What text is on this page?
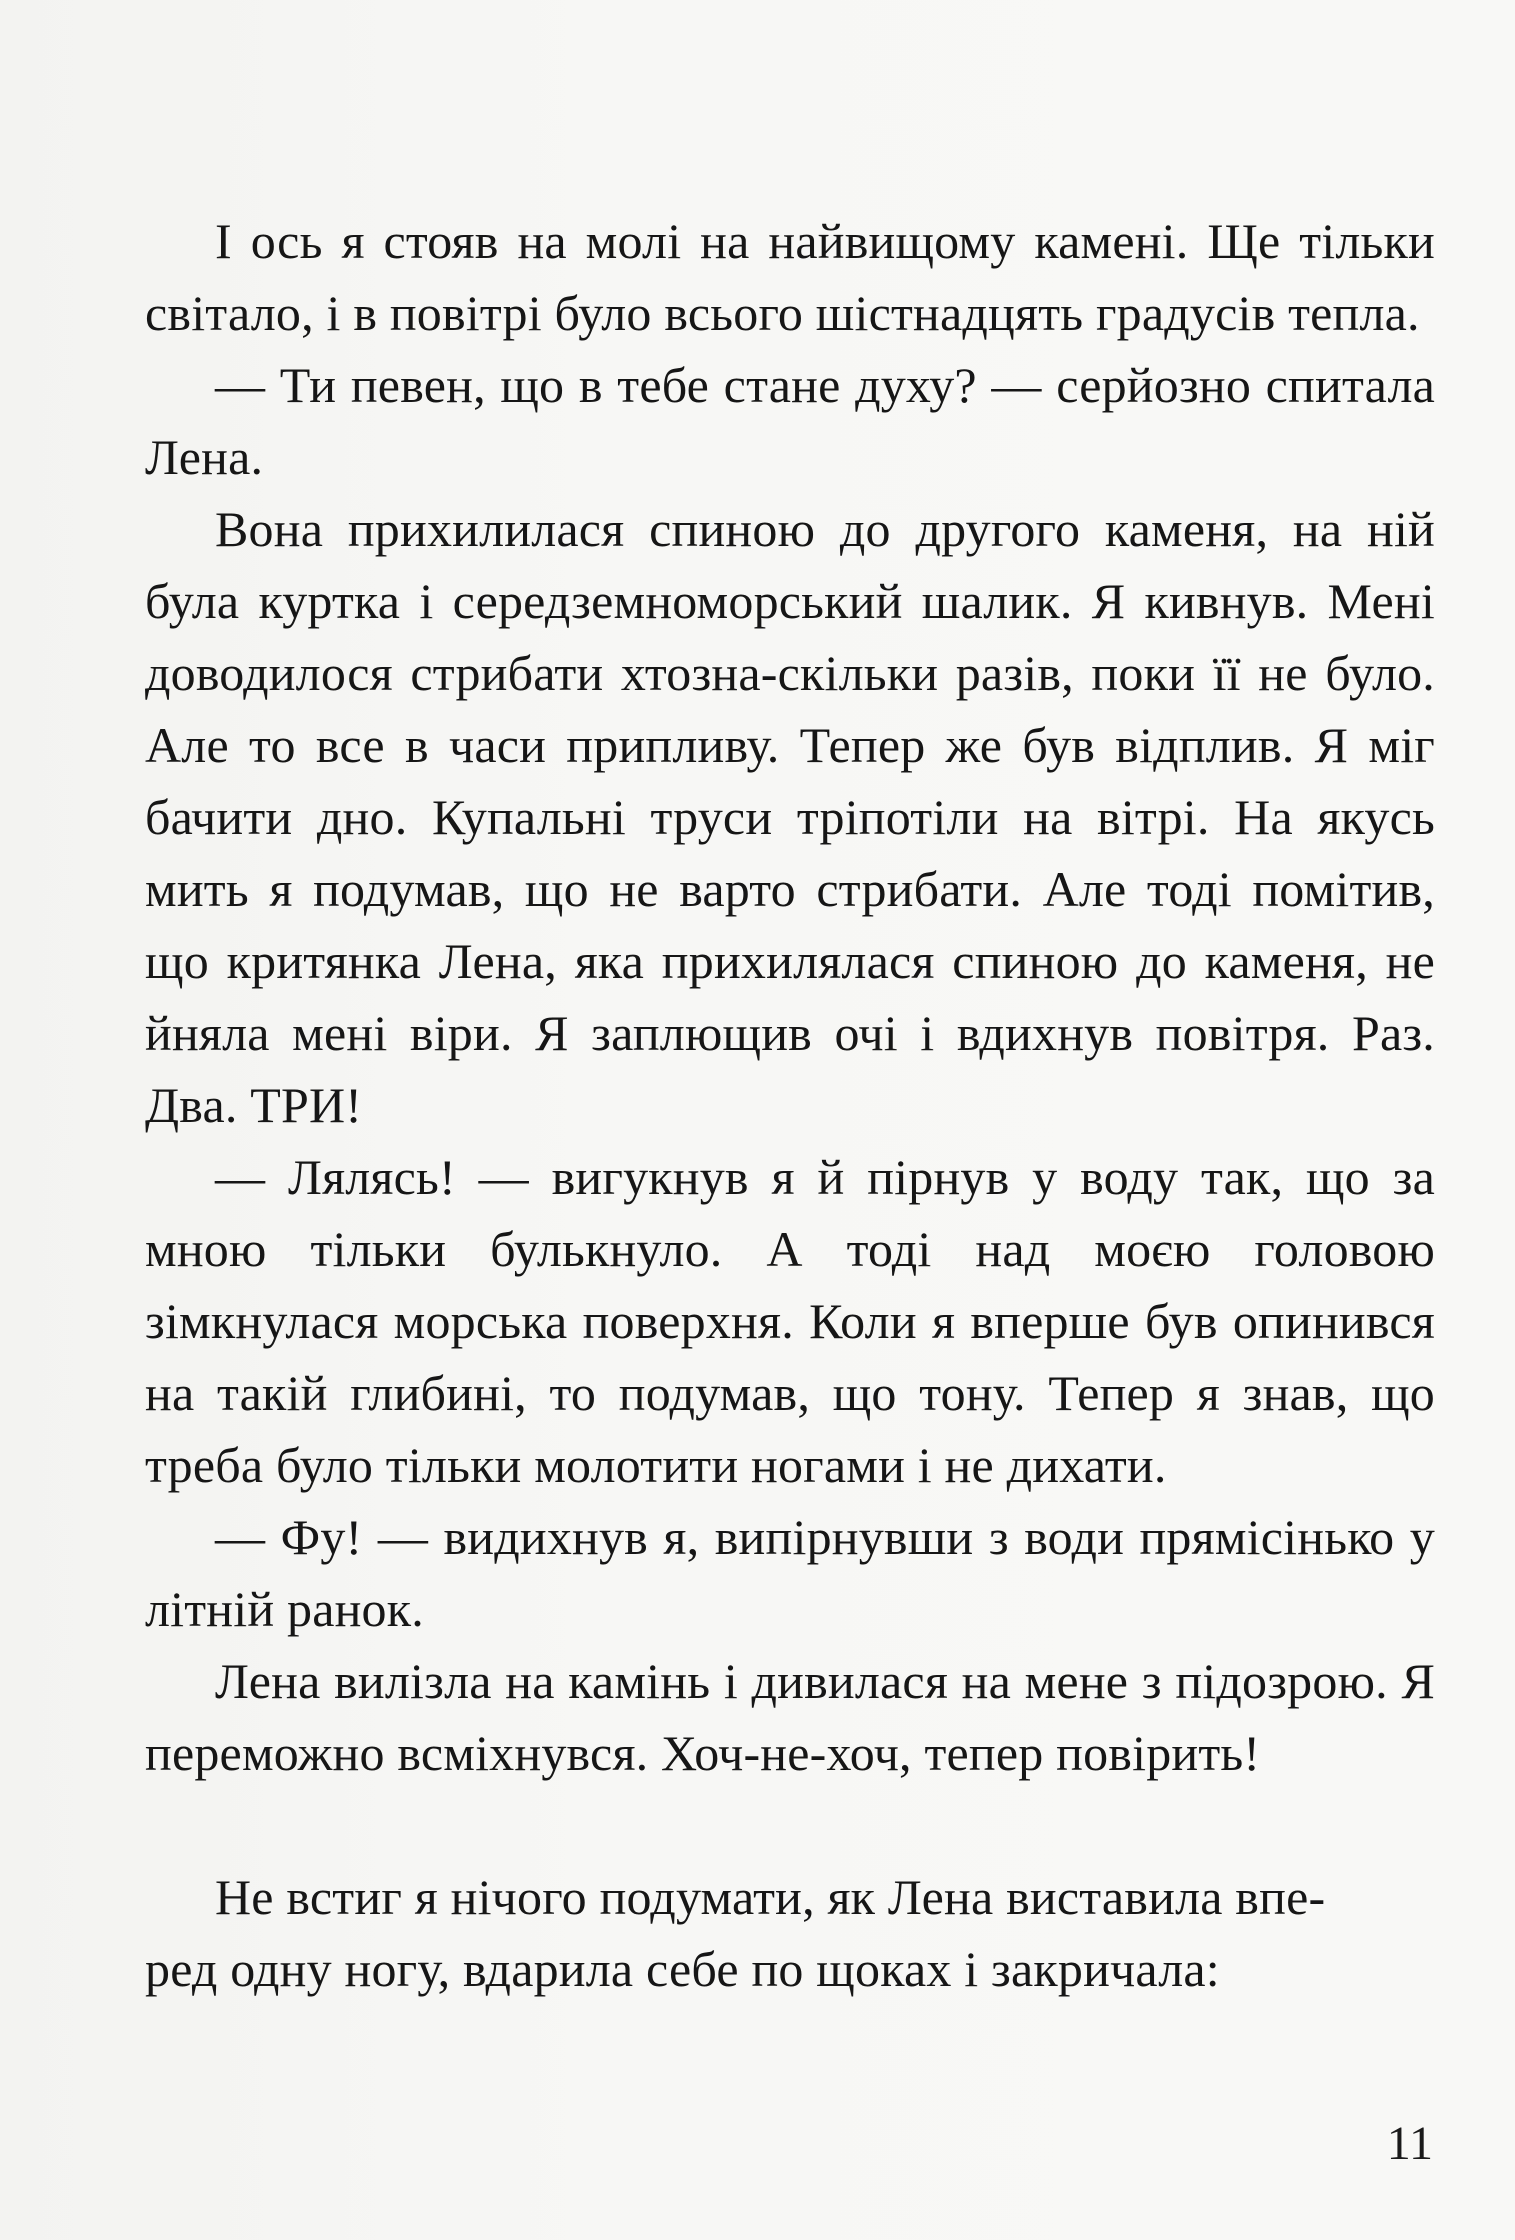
І ось я стояв на молі на найвищому камені. Ще тільки світало, і в повітрі було всього шістнадцять градусів тепла.

— Ти певен, що в тебе стане духу? — серйозно спитала Лена.

Вона прихилилася спиною до другого каменя, на ній була куртка і середземноморський шалик. Я кивнув. Мені доводилося стрибати хтозна-скільки разів, поки її не було. Але то все в часи припливу. Тепер же був відплив. Я міг бачити дно. Купальні труси тріпотіли на вітрі. На якусь мить я подумав, що не варто стрибати. Але тоді помітив, що критянка Лена, яка прихилялася спиною до каменя, не йняла мені віри. Я заплющив очі і вдихнув повітря. Раз. Два. ТРИ!

— Лялясь! — вигукнув я й пірнув у воду так, що за мною тільки булькнуло. А тоді над моєю головою зімкнулася морська поверхня. Коли я вперше був опинився на такій глибині, то подумав, що тону. Тепер я знав, що треба було тільки молотити ногами і не дихати.

— Фу! — видихнув я, випірнувши з води прямісінько у літній ранок.

Лена вилізла на камінь і дивилася на мене з підозрою. Я переможно всміхнувся. Хоч-не-хоч, тепер повірить!

Не встиг я нічого подумати, як Лена виставила впе-

ред одну ногу, вдарила себе по щоках і закричала:

11
